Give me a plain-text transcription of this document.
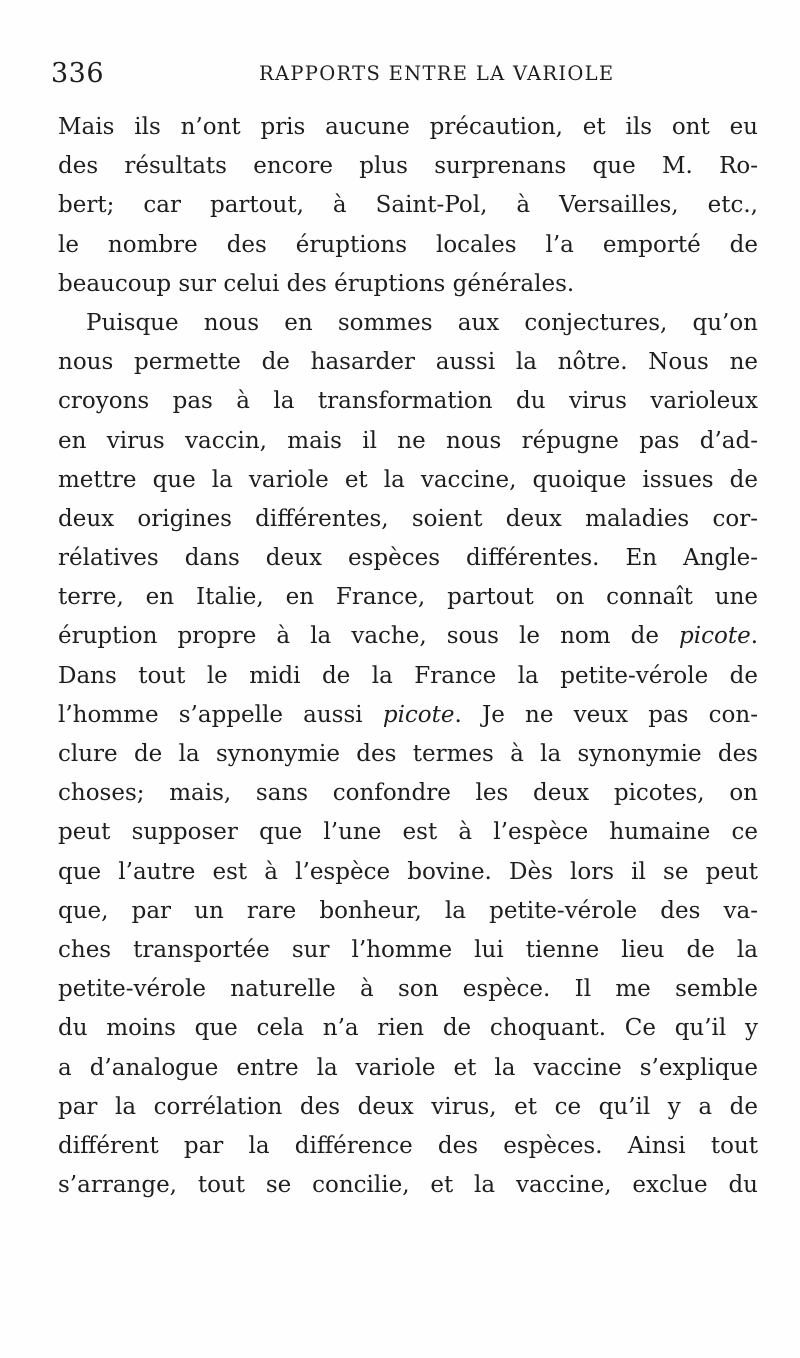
336	RAPPORTS ENTRE LA VARIOLE
Mais ils n’ont pris aucune précaution, et ils ont eu
des résultats encore plus surprenans que M. Ro-
bert; car partout, à Saint-Pol, à Versailles, etc.,
le nombre des éruptions locales l’a emporté de
beaucoup sur celui des éruptions générales.
Puisque nous en sommes aux conjectures, qu’on
nous permette de hasarder aussi la nôtre. Nous ne
croyons pas à la transformation du virus varioleux
en virus vaccin, mais il ne nous répugne pas d’ad-
mettre que la variole et la vaccine, quoique issues de
deux origines différentes, soient deux maladies cor-
rélatives dans deux espèces différentes. En Angle-
terre, en Italie, en France, partout on connaît une
éruption propre à la vache, sous le nom de picote.
Dans tout le midi de la France la petite-vérole de
l’homme s’appelle aussi picote. Je ne veux pas con-
clure de la synonymie des termes à la synonymie des
choses; mais, sans confondre les deux picotes, on
peut supposer que l’une est à l’espèce humaine ce
que l’autre est à l’espèce bovine. Dès lors il se peut
que, par un rare bonheur, la petite-vérole des va-
ches transportée sur l’homme lui tienne lieu de la
petite-vérole naturelle à son espèce. Il me semble
du moins que cela n’a rien de choquant. Ce qu’il y
a d’analogue entre la variole et la vaccine s’explique
par la corrélation des deux virus, et ce qu’il y a de
différent par la différence des espèces. Ainsi tout
s’arrange, tout se concilie, et la vaccine, exclue du
